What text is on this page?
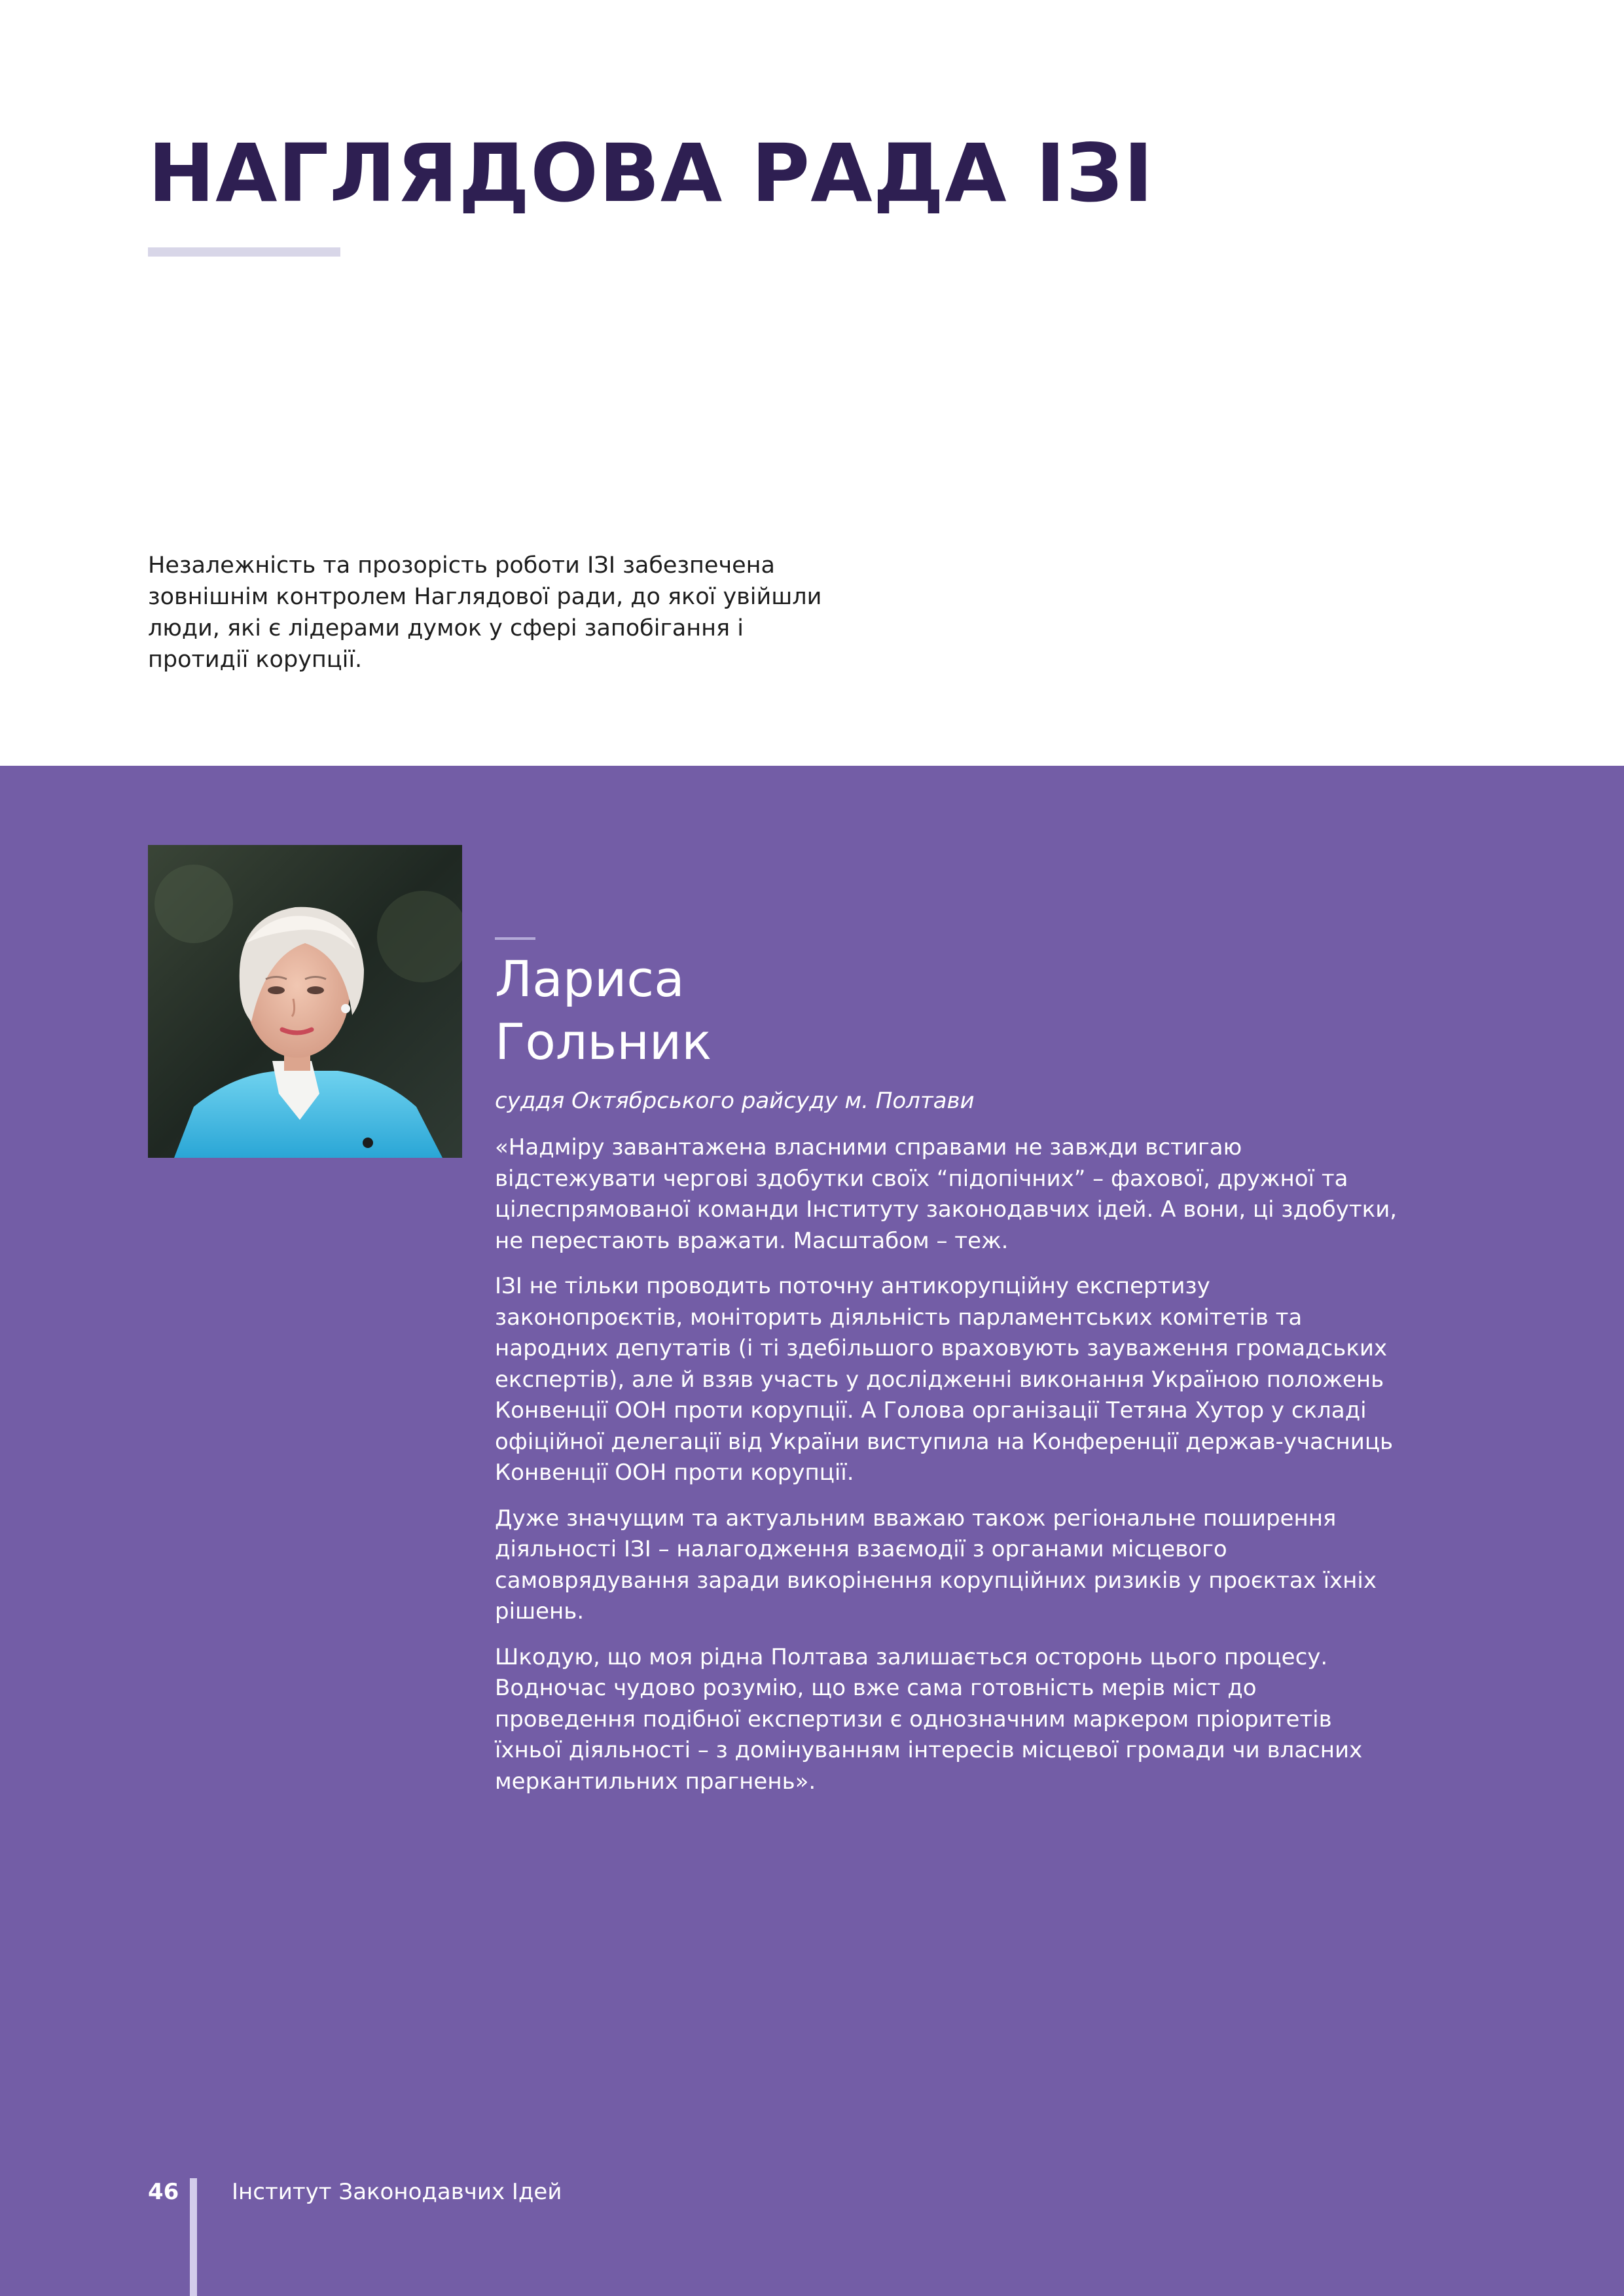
НАГЛЯДОВА РАДА ІЗІ

Незалежність та прозорість роботи ІЗІ забезпечена зовнішнім контролем Наглядової ради, до якої увійшли люди, які є лідерами думок у сфері запобігання і протидії корупції.

Лариса
Гольник

суддя Октябрського райсуду м. Полтави

«Надміру завантажена власними справами не завжди встигаю відстежувати чергові здобутки своїх “підопічних” – фахової, дружної та цілеспрямованої команди Інституту законодавчих ідей. А вони, ці здобутки, не перестають вражати. Масштабом – теж.

ІЗІ не тільки проводить поточну антикорупційну експертизу законопроєктів, моніторить діяльність парламентських комітетів та народних депутатів (і ті здебільшого враховують зауваження громадських експертів), але й взяв участь у дослідженні виконання Україною положень Конвенції ООН проти корупції. А Голова організації Тетяна Хутор у складі офіційної делегації від України виступила на Конференції держав-учасниць Конвенції ООН проти корупції.

Дуже значущим та актуальним вважаю також регіональне поширення діяльності ІЗІ – налагодження взаємодії з органами місцевого самоврядування заради викорінення корупційних ризиків у проєктах їхніх рішень.

Шкодую, що моя рідна Полтава залишається осторонь цього процесу. Водночас чудово розумію, що вже сама готовність мерів міст до проведення подібної експертизи є однозначним маркером пріоритетів їхньої діяльності – з домінуванням інтересів місцевої громади чи власних меркантильних прагнень».

46 Інститут Законодавчих Ідей
